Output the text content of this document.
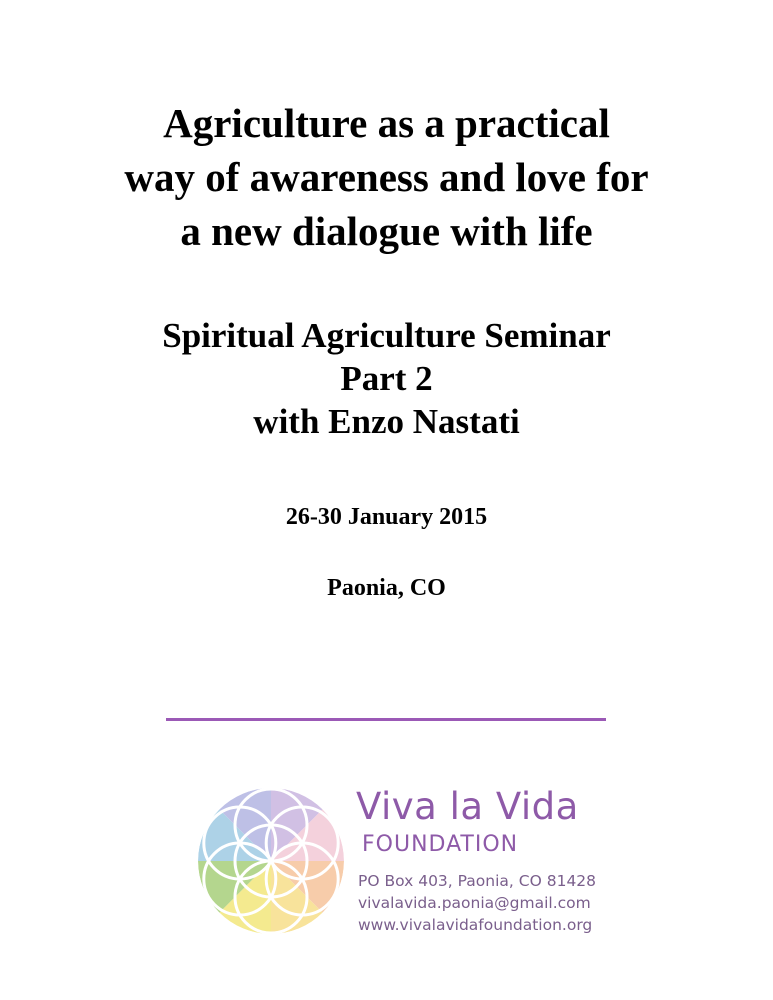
Agriculture as a practical
way of awareness and love for
a new dialogue with life
Spiritual Agriculture Seminar
Part 2
with Enzo Nastati
26-30 January 2015
Paonia, CO
Viva la Vida
FOUNDATION
PO Box 403, Paonia, CO 81428
vivalavida.paonia@gmail.com
www.vivalavidafoundation.org
